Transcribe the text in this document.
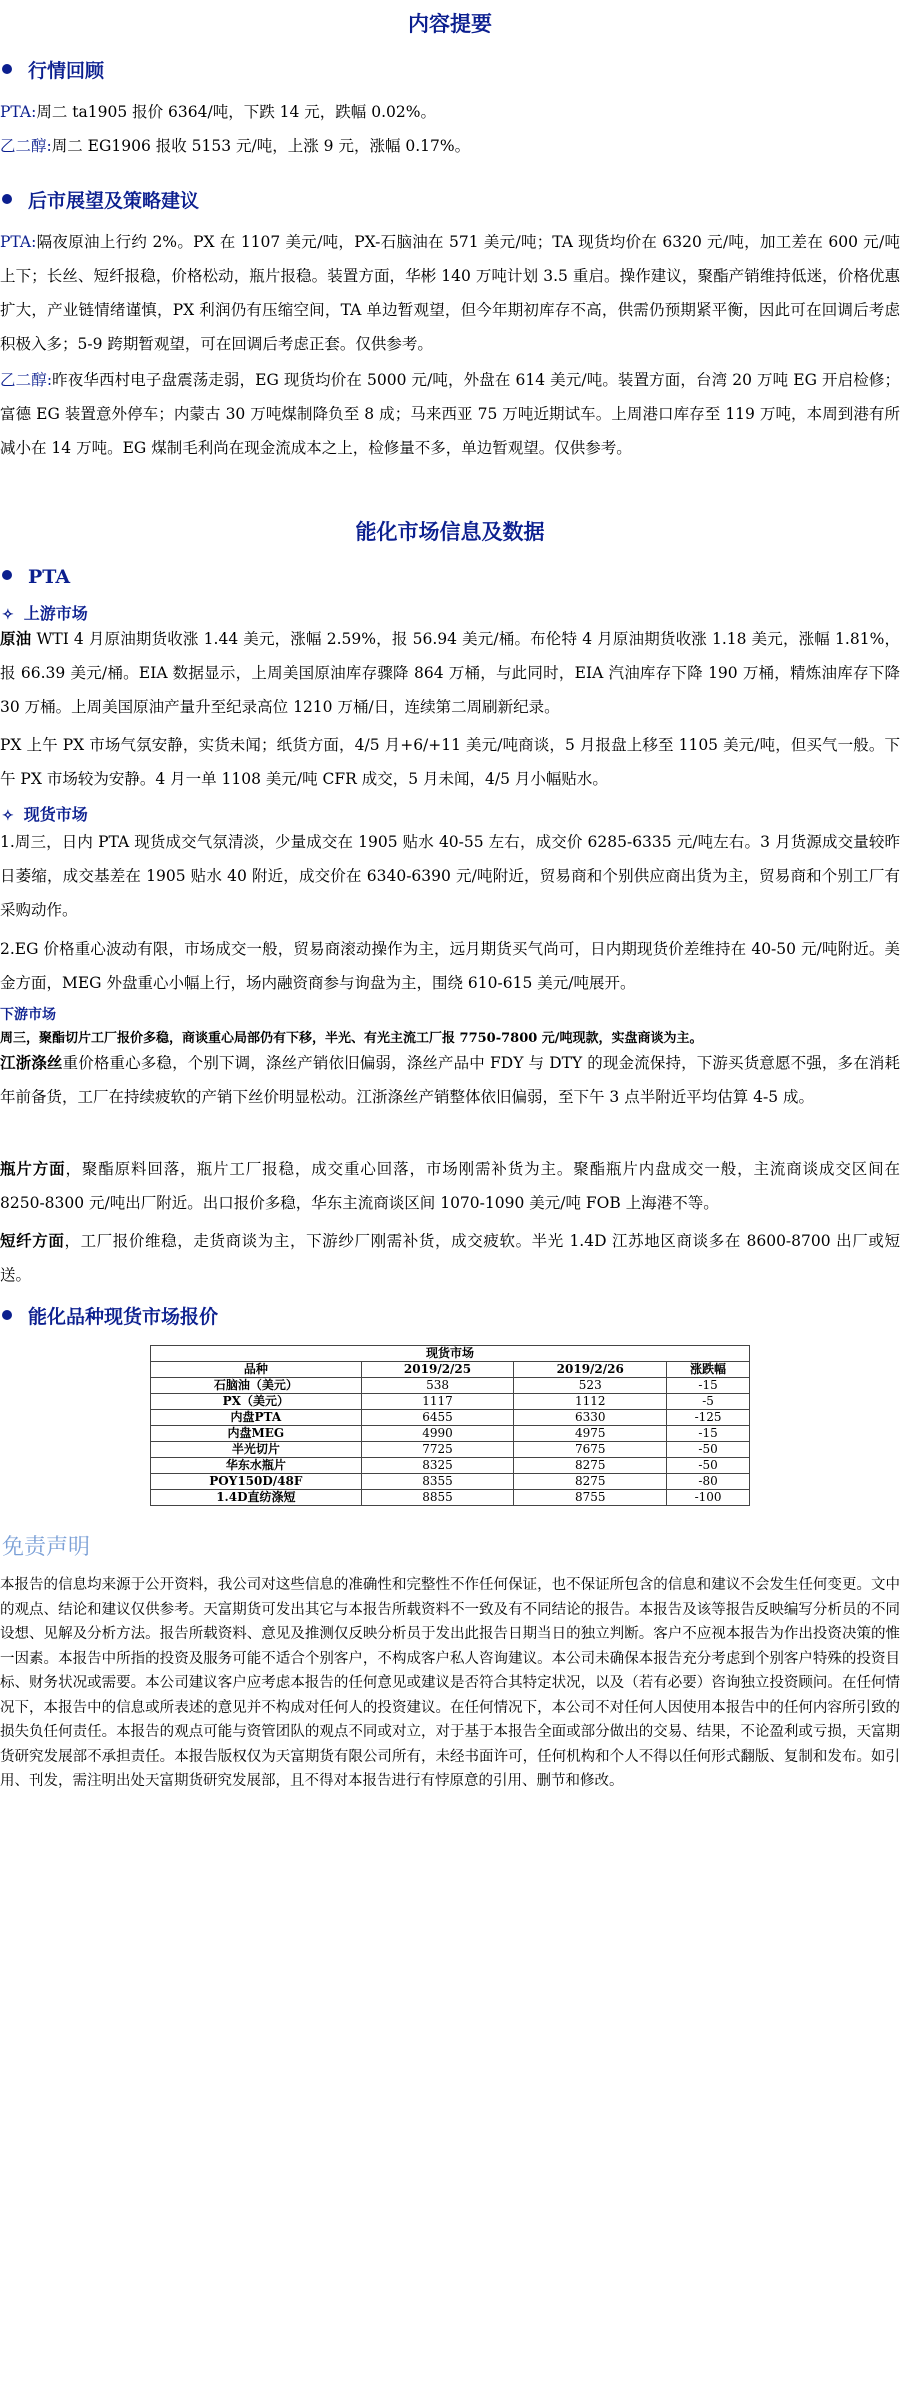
内容提要
行情回顾
PTA:周二 ta1905 报价 6364/吨，下跌 14 元，跌幅 0.02%。
乙二醇:周二 EG1906 报收 5153 元/吨，上涨 9 元，涨幅 0.17%。
后市展望及策略建议
PTA:隔夜原油上行约 2%。PX 在 1107 美元/吨，PX-石脑油在 571 美元/吨；TA 现货均价在 6320 元/吨，加工差在 600 元/吨上下；长丝、短纤报稳，价格松动，瓶片报稳。装置方面，华彬 140 万吨计划 3.5 重启。操作建议，聚酯产销维持低迷，价格优惠扩大，产业链情绪谨慎，PX 利润仍有压缩空间，TA 单边暂观望，但今年期初库存不高，供需仍预期紧平衡，因此可在回调后考虑积极入多；5-9 跨期暂观望，可在回调后考虑正套。仅供参考。
乙二醇:昨夜华西村电子盘震荡走弱，EG 现货均价在 5000 元/吨，外盘在 614 美元/吨。装置方面，台湾 20 万吨 EG 开启检修；富德 EG 装置意外停车；内蒙古 30 万吨煤制降负至 8 成；马来西亚 75 万吨近期试车。上周港口库存至 119 万吨，本周到港有所减小在 14 万吨。EG 煤制毛利尚在现金流成本之上，检修量不多，单边暂观望。仅供参考。
能化市场信息及数据
PTA
✧ 上游市场
原油 WTI 4 月原油期货收涨 1.44 美元，涨幅 2.59%，报 56.94 美元/桶。布伦特 4 月原油期货收涨 1.18 美元，涨幅 1.81%，报 66.39 美元/桶。EIA 数据显示，上周美国原油库存骤降 864 万桶，与此同时，EIA 汽油库存下降 190 万桶，精炼油库存下降 30 万桶。上周美国原油产量升至纪录高位 1210 万桶/日，连续第二周刷新纪录。
PX 上午 PX 市场气氛安静，实货未闻；纸货方面，4/5 月+6/+11 美元/吨商谈，5 月报盘上移至 1105 美元/吨，但买气一般。下午 PX 市场较为安静。4 月一单 1108 美元/吨 CFR 成交，5 月未闻，4/5 月小幅贴水。
✧ 现货市场
1.周三，日内 PTA 现货成交气氛清淡，少量成交在 1905 贴水 40-55 左右，成交价 6285-6335 元/吨左右。3 月货源成交量较昨日萎缩，成交基差在 1905 贴水 40 附近，成交价在 6340-6390 元/吨附近，贸易商和个别供应商出货为主，贸易商和个别工厂有采购动作。
2.EG 价格重心波动有限，市场成交一般，贸易商滚动操作为主，远月期货买气尚可，日内期现货价差维持在 40-50 元/吨附近。美金方面，MEG 外盘重心小幅上行，场内融资商参与询盘为主，围绕 610-615 美元/吨展开。
下游市场
周三，聚酯切片工厂报价多稳，商谈重心局部仍有下移，半光、有光主流工厂报 7750-7800 元/吨现款，实盘商谈为主。
江浙涤丝重价格重心多稳，个别下调，涤丝产销依旧偏弱，涤丝产品中 FDY 与 DTY 的现金流保持，下游买货意愿不强，多在消耗年前备货，工厂在持续疲软的产销下丝价明显松动。江浙涤丝产销整体依旧偏弱，至下午 3 点半附近平均估算 4-5 成。
瓶片方面，聚酯原料回落，瓶片工厂报稳，成交重心回落，市场刚需补货为主。聚酯瓶片内盘成交一般，主流商谈成交区间在 8250-8300 元/吨出厂附近。出口报价多稳，华东主流商谈区间 1070-1090 美元/吨 FOB 上海港不等。
短纤方面，工厂报价维稳，走货商谈为主，下游纱厂刚需补货，成交疲软。半光 1.4D 江苏地区商谈多在 8600-8700 出厂或短送。
能化品种现货市场报价
现货市场			
品种	2019/2/25	2019/2/26	涨跌幅
石脑油（美元）	538	523	-15
PX（美元）	1117	1112	-5
内盘PTA	6455	6330	-125
内盘MEG	4990	4975	-15
半光切片	7725	7675	-50
华东水瓶片	8325	8275	-50
POY150D/48F	8355	8275	-80
1.4D直纺涤短	8855	8755	-100
免责声明
本报告的信息均来源于公开资料，我公司对这些信息的准确性和完整性不作任何保证，也不保证所包含的信息和建议不会发生任何变更。文中的观点、结论和建议仅供参考。天富期货可发出其它与本报告所载资料不一致及有不同结论的报告。本报告及该等报告反映编写分析员的不同设想、见解及分析方法。报告所载资料、意见及推测仅反映分析员于发出此报告日期当日的独立判断。客户不应视本报告为作出投资决策的惟一因素。本报告中所指的投资及服务可能不适合个别客户，不构成客户私人咨询建议。本公司未确保本报告充分考虑到个别客户特殊的投资目标、财务状况或需要。本公司建议客户应考虑本报告的任何意见或建议是否符合其特定状况，以及（若有必要）咨询独立投资顾问。在任何情况下，本报告中的信息或所表述的意见并不构成对任何人的投资建议。在任何情况下，本公司不对任何人因使用本报告中的任何内容所引致的损失负任何责任。本报告的观点可能与资管团队的观点不同或对立，对于基于本报告全面或部分做出的交易、结果，不论盈利或亏损，天富期货研究发展部不承担责任。本报告版权仅为天富期货有限公司所有，未经书面许可，任何机构和个人不得以任何形式翻版、复制和发布。如引用、刊发，需注明出处天富期货研究发展部，且不得对本报告进行有悖原意的引用、删节和修改。
